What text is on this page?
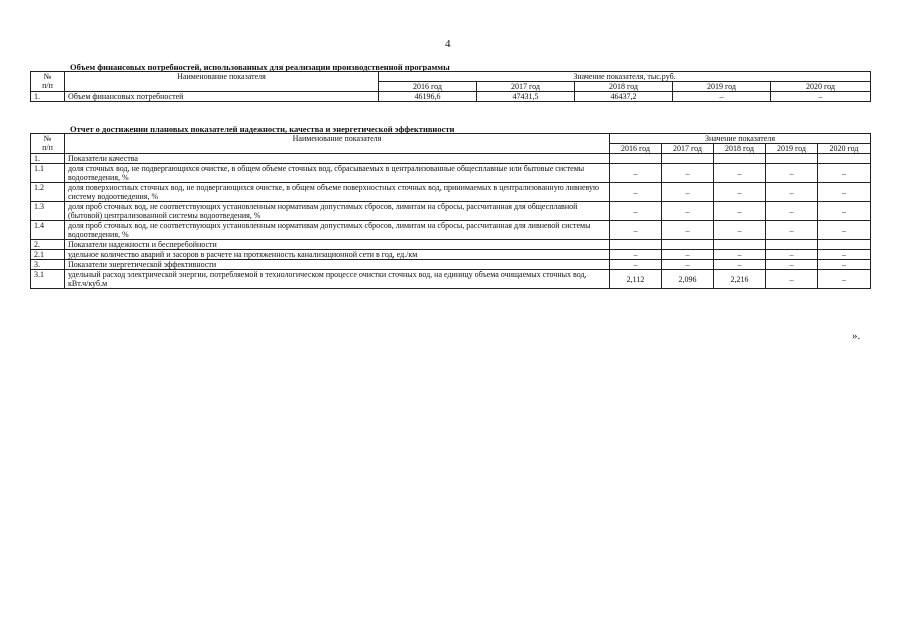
4
Объем финансовых потребностей, использованных для реализации производственной программы
№
п/п	Наименование показателя	Значение показателя, тыс.руб.				
		2016 год	2017 год	2018 год	2019 год	2020 год
1.	Объем финансовых потребностей	46196,6	47431,5	46437,2	–	–
Отчет о достижении плановых показателей надежности, качества и энергетической эффективности
№
п/п	Наименование показателя	Значение показателя				
		2016 год	2017 год	2018 год	2019 год	2020 год
1.	Показатели качества					
1.1	доля сточных вод, не подвергающихся очистке, в общем объеме сточных вод, сбрасываемых в централизованные общесплавные или бытовые системы водоотведения, %	–	–	–	–	–
1.2	доля поверхностных сточных вод, не подвергающихся очистке, в общем объеме поверхностных сточных вод, принимаемых в централизованную ливневую систему водоотведения, %	–	–	–	–	–
1.3	доля проб сточных вод, не соответствующих установленным нормативам допустимых сбросов, лимитам на сбросы, рассчитанная для общесплавной (бытовой) централизованной системы водоотведения, %	–	–	–	–	–
1.4	доля проб сточных вод, не соответствующих установленным нормативам допустимых сбросов, лимитам на сбросы, рассчитанная для ливневой системы водоотведения, %	–	–	–	–	–
2.	Показатели надежности и бесперебойности					
2.1	удельное количество аварий и засоров в расчете на протяженность канализационной сети в год, ед./км	–	–	–	–	–
3.	Показатели энергетической эффективности	–	–	–	–	–
3.1	удельный расход электрической энергии, потребляемой в технологическом процессе очистки сточных вод, на единицу объема очищаемых сточных вод, кВт.ч/куб.м	2,112	2,096	2,216	–	–
».
